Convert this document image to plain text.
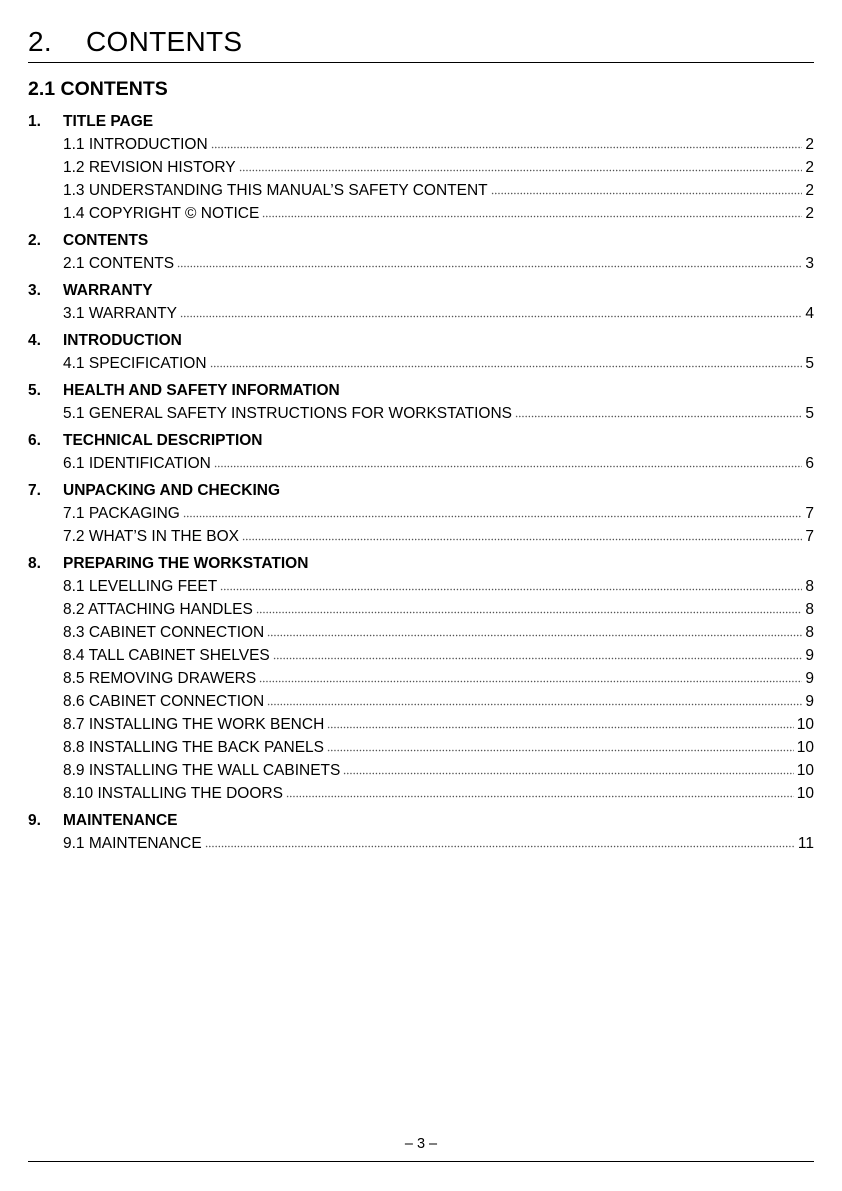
2. CONTENTS
2.1 CONTENTS
1. TITLE PAGE
1.1 INTRODUCTION	2
1.2 REVISION HISTORY	2
1.3 UNDERSTANDING THIS MANUAL’S SAFETY CONTENT	2
1.4 COPYRIGHT © NOTICE	2
2. CONTENTS
2.1 CONTENTS	3
3. WARRANTY
3.1 WARRANTY	4
4. INTRODUCTION
4.1 SPECIFICATION	5
5. HEALTH AND SAFETY INFORMATION
5.1 GENERAL SAFETY INSTRUCTIONS FOR WORKSTATIONS	5
6. TECHNICAL DESCRIPTION
6.1 IDENTIFICATION	6
7. UNPACKING AND CHECKING
7.1 PACKAGING	7
7.2 WHAT’S IN THE BOX	7
8. PREPARING THE WORKSTATION
8.1 LEVELLING FEET	8
8.2 ATTACHING HANDLES	8
8.3 CABINET CONNECTION	8
8.4 TALL CABINET SHELVES	9
8.5 REMOVING DRAWERS	9
8.6 CABINET CONNECTION	9
8.7 INSTALLING THE WORK BENCH	10
8.8 INSTALLING THE BACK PANELS	10
8.9 INSTALLING THE WALL CABINETS	10
8.10 INSTALLING THE DOORS	10
9. MAINTENANCE
9.1 MAINTENANCE	11
– 3 –
